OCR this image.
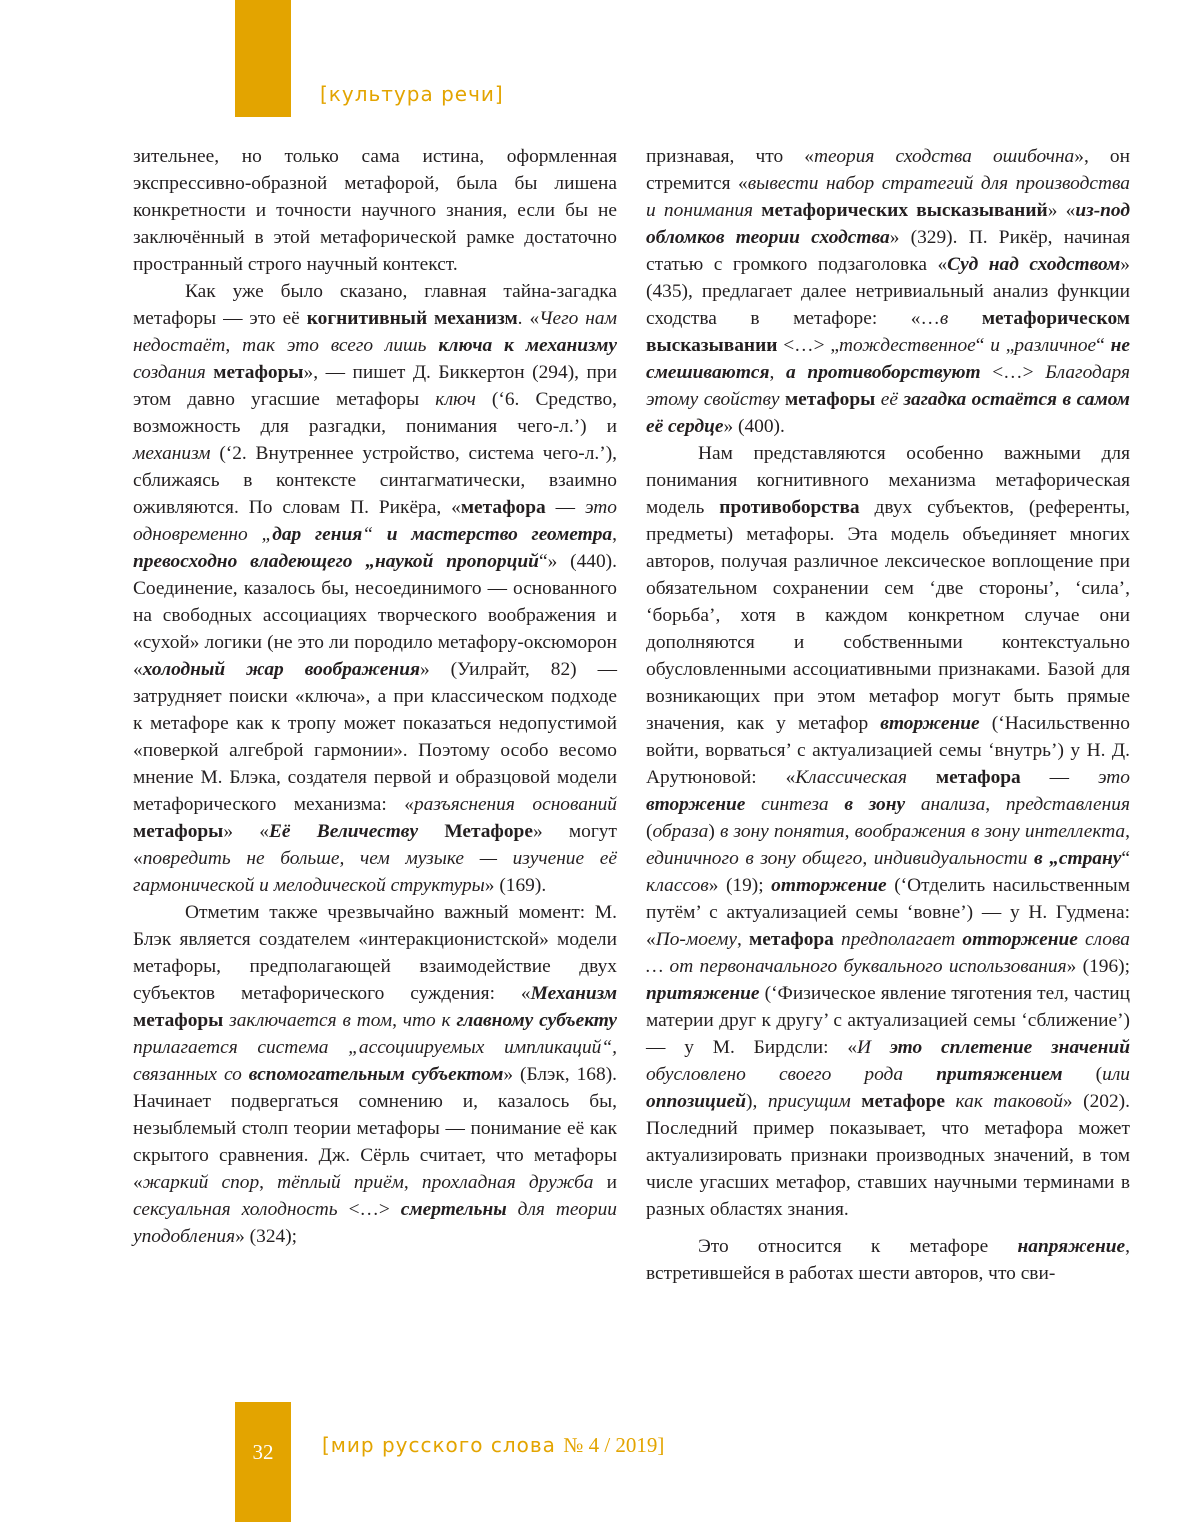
[культура речи]
32	[мир русского слова № 4 / 2019]

зительнее, но только сама истина, оформленная экспрессивно-образной метафорой, была бы лишена конкретности и точности научного знания, если бы не заключённый в этой метафорической рамке достаточно пространный строго научный контекст.

Как уже было сказано, главная тайна-загадка метафоры — это её когнитивный механизм. «Чего нам недостаёт, так это всего лишь ключа к механизму создания метафоры», — пишет Д. Биккертон (294), при этом давно угасшие метафоры ключ (‘6. Средство, возможность для разгадки, понимания чего-л.’) и механизм (‘2. Внутреннее устройство, система чего-л.’), сближаясь в контексте синтагматически, взаимно оживляются. По словам П. Рикёра, «метафора — это одновременно „дар гения“ и мастерство геометра, превосходно владеющего „наукой пропорций“» (440). Соединение, казалось бы, несоединимого — основанного на свободных ассоциациях творческого воображения и «сухой» логики (не это ли породило метафору-оксюморон «холодный жар воображения» (Уилрайт, 82) — затрудняет поиски «ключа», а при классическом подходе к метафоре как к тропу может показаться недопустимой «поверкой алгеброй гармонии». Поэтому особо весомо мнение М. Блэка, создателя первой и образцовой модели метафорического механизма: «разъяснения оснований метафоры» «Её Величеству Метафоре» могут «повредить не больше, чем музыке — изучение её гармонической и мелодической структуры» (169).

Отметим также чрезвычайно важный момент: М. Блэк является создателем «интеракционистской» модели метафоры, предполагающей взаимодействие двух субъектов метафорического суждения: «Механизм метафоры заключается в том, что к главному субъекту прилагается система „ассоциируемых импликаций“, связанных со вспомогательным субъектом» (Блэк, 168). Начинает подвергаться сомнению и, казалось бы, незыблемый столп теории метафоры — понимание её как скрытого сравнения. Дж. Сёрль считает, что метафоры «жаркий спор, тёплый приём, прохладная дружба и сексуальная холодность <…> смертельны для теории уподобления» (324);

признавая, что «теория сходства ошибочна», он стремится «вывести набор стратегий для производства и понимания метафорических высказываний» «из-под обломков теории сходства» (329). П. Рикёр, начиная статью с громкого подзаголовка «Суд над сходством» (435), предлагает далее нетривиальный анализ функции сходства в метафоре: «…в метафорическом высказывании <…> „тождественное“ и „различное“ не смешиваются, а противоборствуют <…> Благодаря этому свойству метафоры её загадка остаётся в самом её сердце» (400).

Нам представляются особенно важными для понимания когнитивного механизма метафорическая модель противоборства двух субъектов, (референты, предметы) метафоры. Эта модель объединяет многих авторов, получая различное лексическое воплощение при обязательном сохранении сем ‘две стороны’, ‘сила’, ‘борьба’, хотя в каждом конкретном случае они дополняются и собственными контекстуально обусловленными ассоциативными признаками. Базой для возникающих при этом метафор могут быть прямые значения, как у метафор вторжение (‘Насильственно войти, ворваться’ с актуализацией семы ‘внутрь’) у Н. Д. Арутюновой: «Классическая метафора — это вторжение синтеза в зону анализа, представления (образа) в зону понятия, воображения в зону интеллекта, единичного в зону общего, индивидуальности в „страну“ классов» (19); отторжение (‘Отделить насильственным путём’ с актуализацией семы ‘вовне’) — у Н. Гудмена: «По-моему, метафора предполагает отторжение слова … от первоначального буквального использования» (196); притяжение (‘Физическое явление тяготения тел, частиц материи друг к другу’ с актуализацией семы ‘сближение’) — у М. Бирдсли: «И это сплетение значений обусловлено своего рода притяжением (или оппозицией), присущим метафоре как таковой» (202). Последний пример показывает, что метафора может актуализировать признаки производных значений, в том числе угасших метафор, ставших научными терминами в разных областях знания.

Это относится к метафоре напряжение, встретившейся в работах шести авторов, что сви-
